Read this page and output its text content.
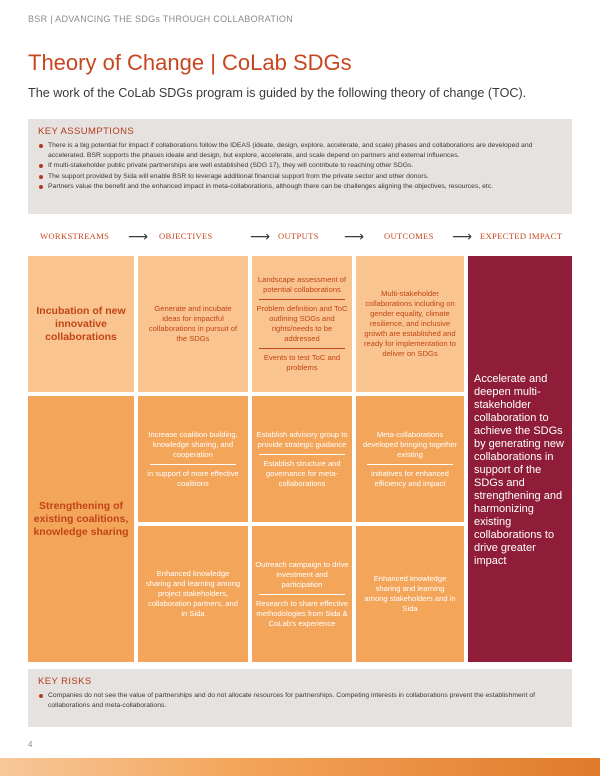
BSR | ADVANCING THE SDGs THROUGH COLLABORATION
Theory of Change | CoLab SDGs

The work of the CoLab SDGs program is guided by the following theory of change (TOC).

KEY ASSUMPTIONS
There is a big potential for impact if collaborations follow the IDEAS (ideate, design, explore, accelerate, and scale) phases and collaborations are developed and accelerated. BSR supports the phases ideate and design, but explore, accelerate, and scale depend on partners and external influences.
If multi-stakeholder public private partnerships are well established (SDG 17), they will contribute to reaching other SDGs.
The support provided by Sida will enable BSR to leverage additional financial support from the private sector and other donors.
Partners value the benefit and the enhanced impact in meta-collaborations, although there can be challenges aligning the objectives, resources, etc.
WORKSTREAMS ⟶ OBJECTIVES	⟶ OUTPUTS ⟶ OUTCOMES ⟶ EXPECTED IMPACT
Incubation of new innovative collaborations
Generate and incubate ideas for impactful collaborations in pursuit of the SDGs
Landscape assessment of potential collaborations
Problem definition and ToC outlining SDGs and rights/needs to be addressed
Events to test ToC and problems
Multi-stakeholder collaborations including on gender equality, climate resilience, and inclusive growth are established and ready for implementation to deliver on SDGs
Strengthening of existing coalitions, knowledge sharing
Increase coalition building, knowledge sharing, and cooperation
in support of more effective coalitions
Establish advisory group to provide strategic guidance
Establish structure and governance for meta-collaborations
Meta-collaborations developed bringing together existing
initiatives for enhanced efficiency and impact
Enhanced knowledge sharing and learning among project stakeholders, collaboration partners, and in Sida
Outreach campaign to drive investment and participation
Research to share effective methodologies from Sida & CoLab's experience
Enhanced knowledge sharing and learning among stakeholders and in Sida
Accelerate and deepen multi-stakeholder collaboration to achieve the SDGs by generating new collaborations in support of the SDGs and strengthening and harmonizing existing collaborations to drive greater impact
KEY RISKS
Companies do not see the value of partnerships and do not allocate resources for partnerships. Competing interests in collaborations prevent the establishment of collaborations and meta-collaborations.
4
